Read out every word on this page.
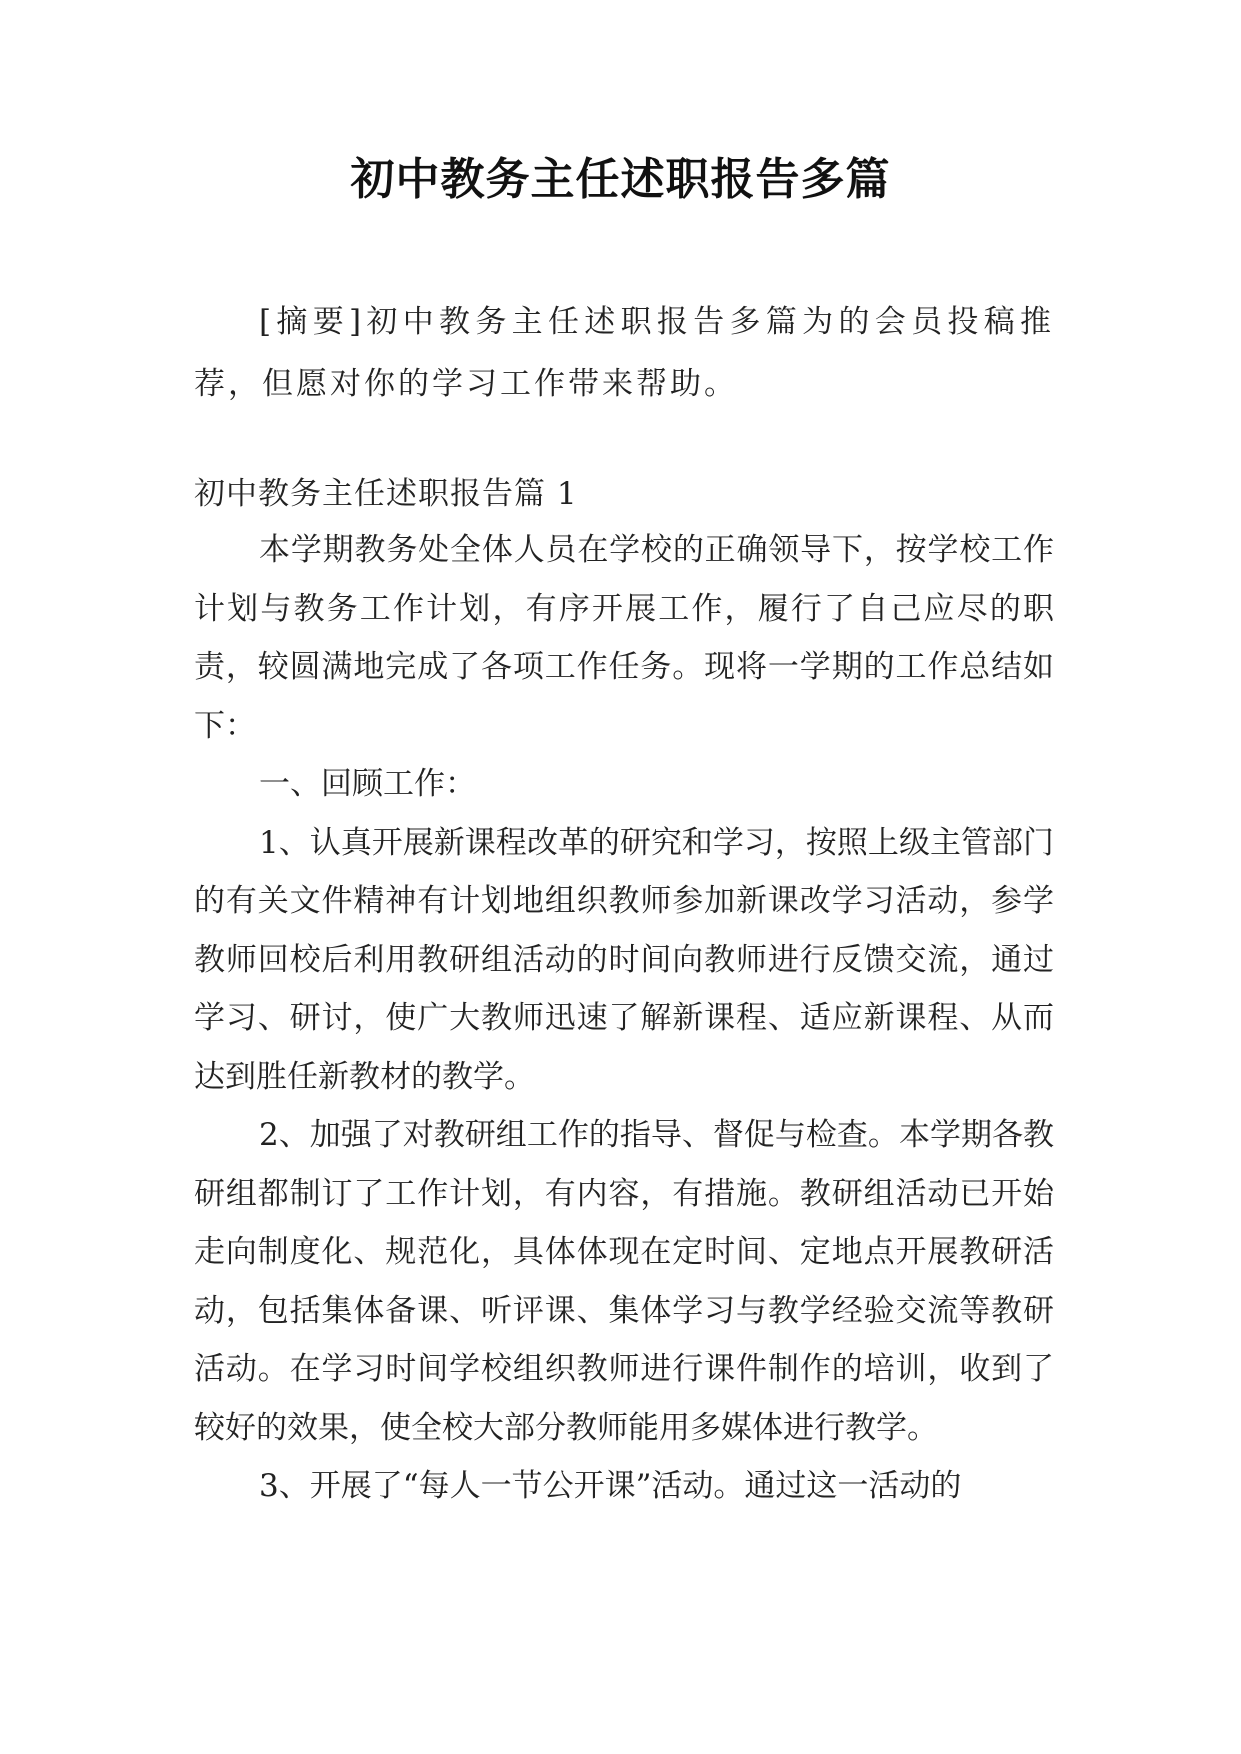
初中教务主任述职报告多篇
[摘要]初中教务主任述职报告多篇为的会员投稿推荐，但愿对你的学习工作带来帮助。
初中教务主任述职报告篇 1

本学期教务处全体人员在学校的正确领导下，按学校工作计划与教务工作计划，有序开展工作，履行了自己应尽的职责，较圆满地完成了各项工作任务。现将一学期的工作总结如下：

一、回顾工作：

1、认真开展新课程改革的研究和学习，按照上级主管部门的有关文件精神有计划地组织教师参加新课改学习活动，参学教师回校后利用教研组活动的时间向教师进行反馈交流，通过学习、研讨，使广大教师迅速了解新课程、适应新课程、从而达到胜任新教材的教学。

2、加强了对教研组工作的指导、督促与检查。本学期各教研组都制订了工作计划，有内容，有措施。教研组活动已开始走向制度化、规范化，具体体现在定时间、定地点开展教研活动，包括集体备课、听评课、集体学习与教学经验交流等教研活动。在学习时间学校组织教师进行课件制作的培训，收到了较好的效果，使全校大部分教师能用多媒体进行教学。

3、开展了“每人一节公开课”活动。通过这一活动的
